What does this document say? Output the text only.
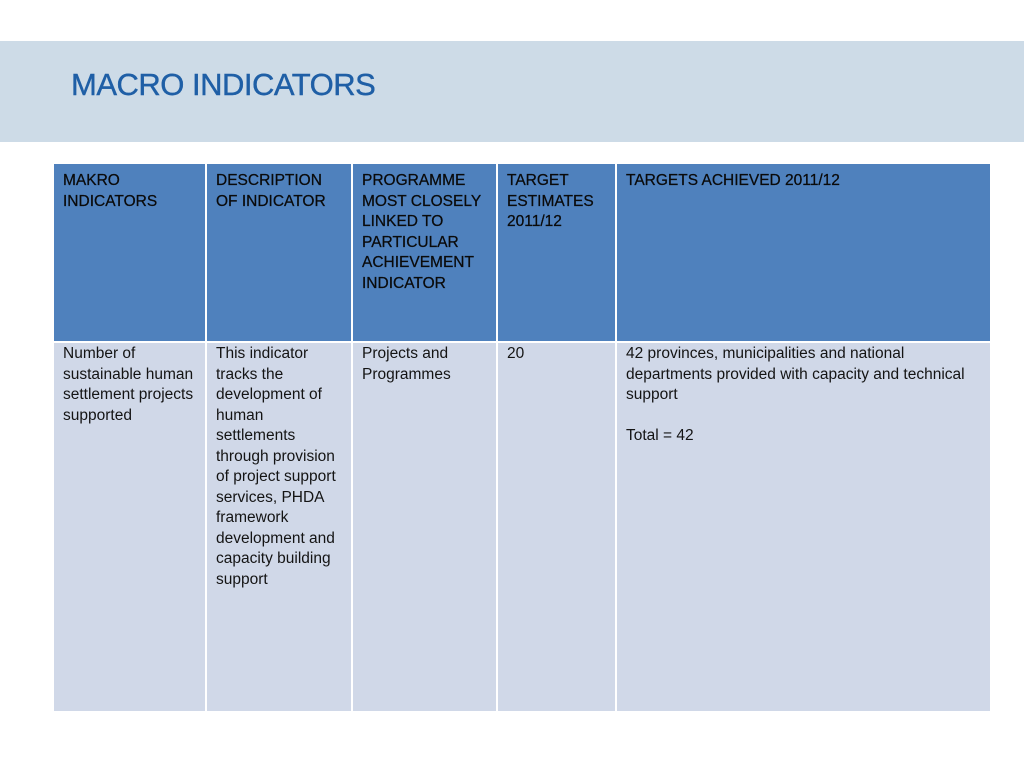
MACRO INDICATORS
MAKRO INDICATORS	DESCRIPTION OF INDICATOR	PROGRAMME MOST CLOSELY LINKED TO PARTICULAR ACHIEVEMENT INDICATOR	TARGET ESTIMATES 2011/12	TARGETS ACHIEVED 2011/12
Number of sustainable human settlement projects supported	This indicator tracks the development of human settlements through provision of project support services, PHDA framework development and capacity building support	Projects and Programmes	20	42 provinces, municipalities and national departments provided with capacity and technical support
Total = 42
